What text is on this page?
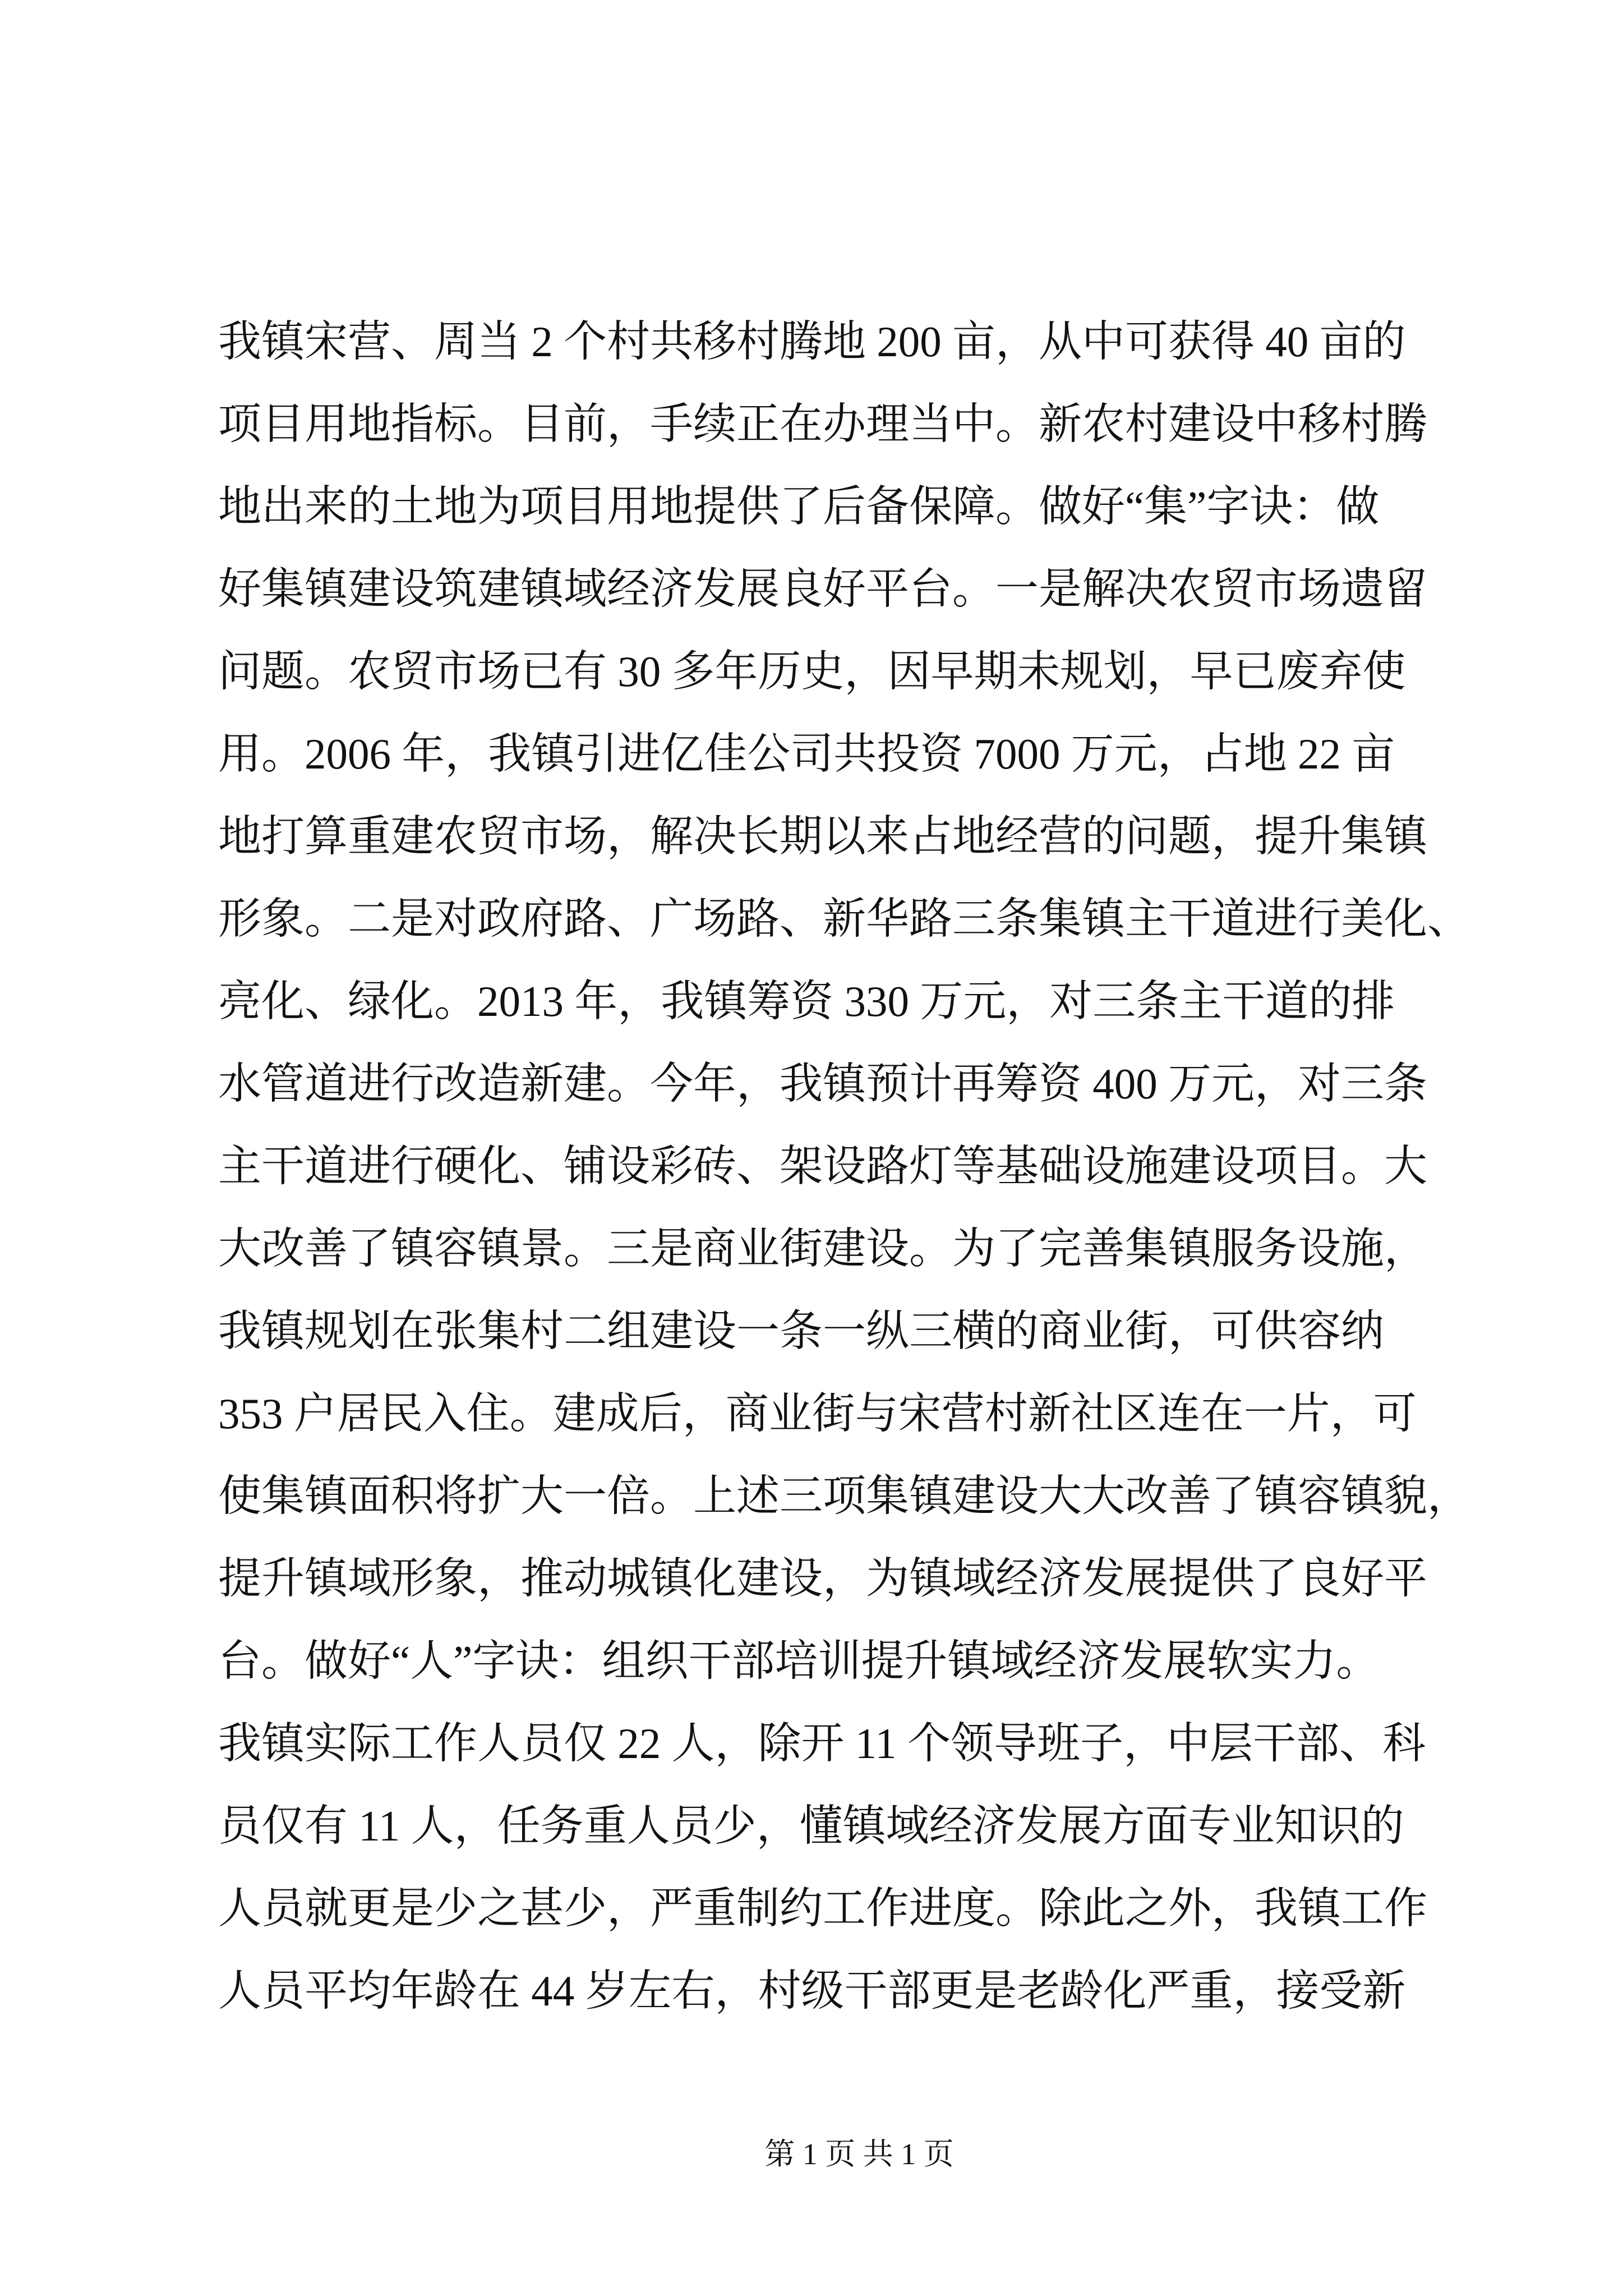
我镇宋营、周当 2 个村共移村腾地 200 亩，从中可获得 40 亩的
项目用地指标。目前，手续正在办理当中。新农村建设中移村腾
地出来的土地为项目用地提供了后备保障。做好“集”字诀：做
好集镇建设筑建镇域经济发展良好平台。一是解决农贸市场遗留
问题。农贸市场已有 30 多年历史，因早期未规划，早已废弃使
用。2006 年，我镇引进亿佳公司共投资 7000 万元，占地 22 亩
地打算重建农贸市场，解决长期以来占地经营的问题，提升集镇
形象。二是对政府路、广场路、新华路三条集镇主干道进行美化、
亮化、绿化。2013 年，我镇筹资 330 万元，对三条主干道的排
水管道进行改造新建。今年，我镇预计再筹资 400 万元，对三条
主干道进行硬化、铺设彩砖、架设路灯等基础设施建设项目。大
大改善了镇容镇景。三是商业街建设。为了完善集镇服务设施，
我镇规划在张集村二组建设一条一纵三横的商业街，可供容纳
353 户居民入住。建成后，商业街与宋营村新社区连在一片，可
使集镇面积将扩大一倍。上述三项集镇建设大大改善了镇容镇貌，
提升镇域形象，推动城镇化建设，为镇域经济发展提供了良好平
台。做好“人”字诀：组织干部培训提升镇域经济发展软实力。
我镇实际工作人员仅 22 人，除开 11 个领导班子，中层干部、科
员仅有 11 人，任务重人员少，懂镇域经济发展方面专业知识的
人员就更是少之甚少，严重制约工作进度。除此之外，我镇工作
人员平均年龄在 44 岁左右，村级干部更是老龄化严重，接受新
第 1 页 共 1 页
